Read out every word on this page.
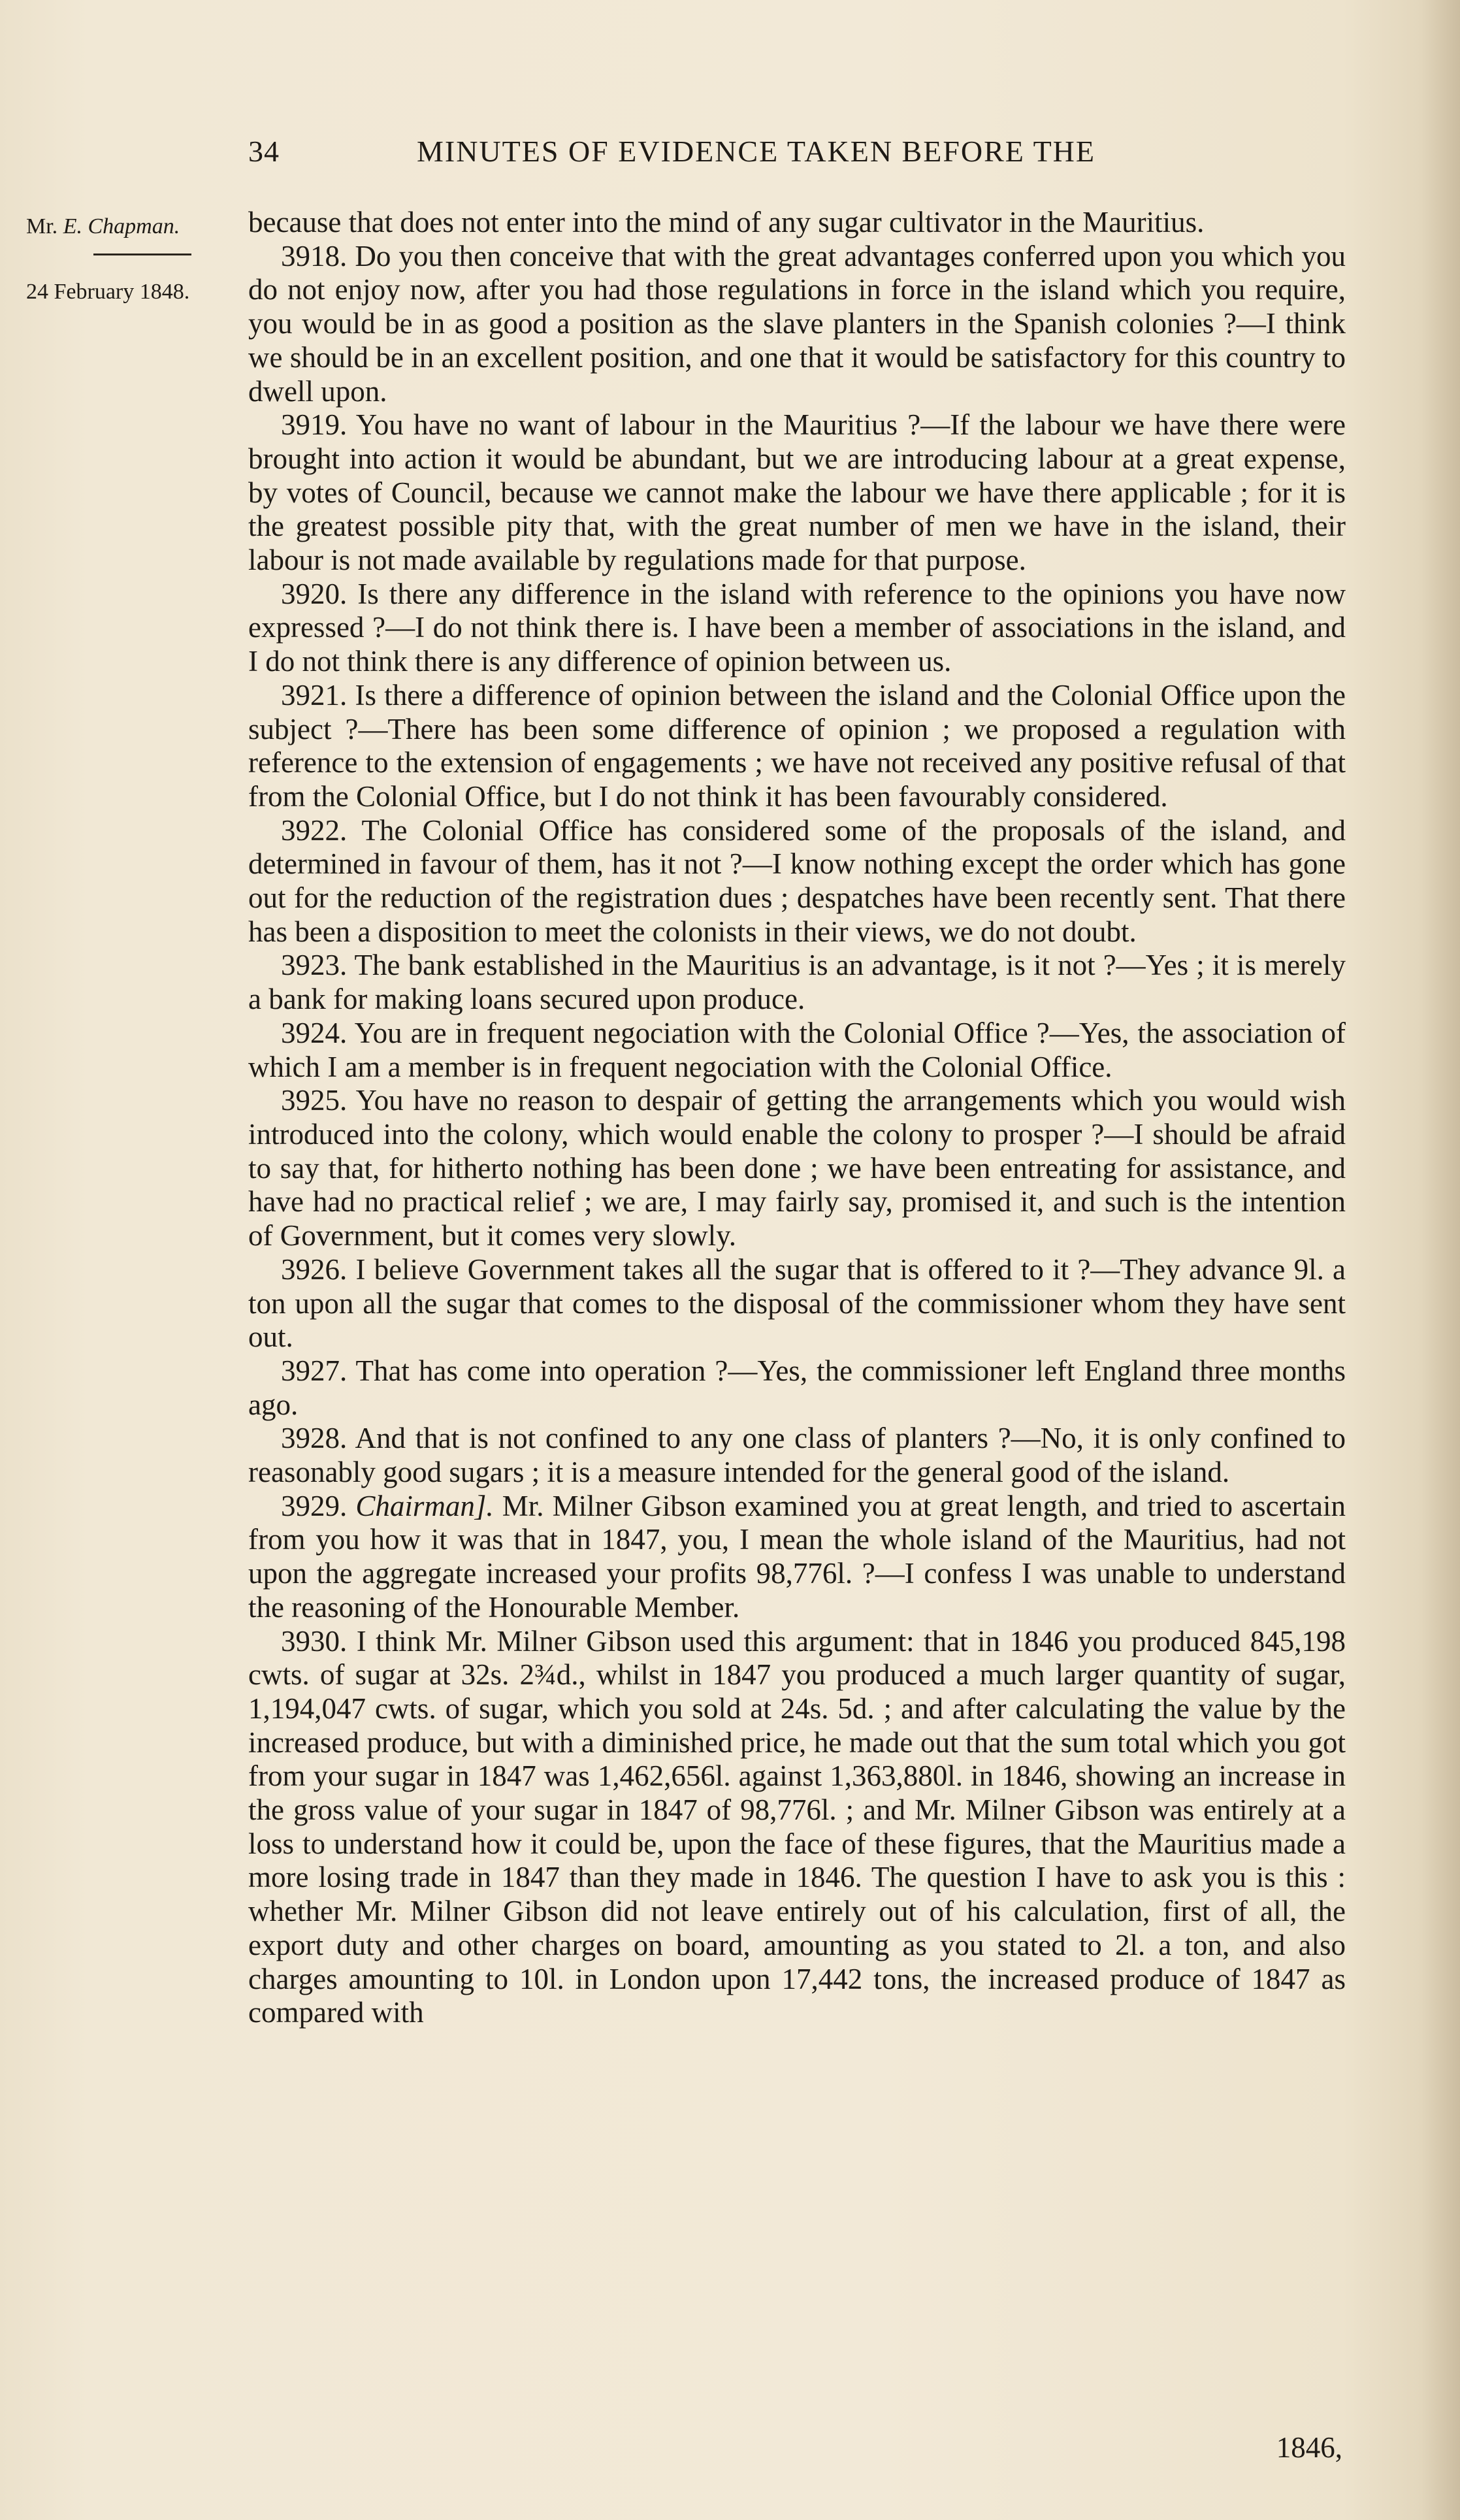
34	MINUTES OF EVIDENCE TAKEN BEFORE THE
Mr. E. Chapman.
24 February 1848.

because that does not enter into the mind of any sugar cultivator in the Mauritius.

3918. Do you then conceive that with the great advantages conferred upon you which you do not enjoy now, after you had those regulations in force in the island which you require, you would be in as good a position as the slave planters in the Spanish colonies ?—I think we should be in an excellent position, and one that it would be satisfactory for this country to dwell upon.

3919. You have no want of labour in the Mauritius ?—If the labour we have there were brought into action it would be abundant, but we are introducing labour at a great expense, by votes of Council, because we cannot make the labour we have there applicable ; for it is the greatest possible pity that, with the great number of men we have in the island, their labour is not made available by regulations made for that purpose.

3920. Is there any difference in the island with reference to the opinions you have now expressed ?—I do not think there is. I have been a member of associations in the island, and I do not think there is any difference of opinion between us.

3921. Is there a difference of opinion between the island and the Colonial Office upon the subject ?—There has been some difference of opinion ; we proposed a regulation with reference to the extension of engagements ; we have not received any positive refusal of that from the Colonial Office, but I do not think it has been favourably considered.

3922. The Colonial Office has considered some of the proposals of the island, and determined in favour of them, has it not ?—I know nothing except the order which has gone out for the reduction of the registration dues ; despatches have been recently sent. That there has been a disposition to meet the colonists in their views, we do not doubt.

3923. The bank established in the Mauritius is an advantage, is it not ?—Yes ; it is merely a bank for making loans secured upon produce.

3924. You are in frequent negociation with the Colonial Office ?—Yes, the association of which I am a member is in frequent negociation with the Colonial Office.

3925. You have no reason to despair of getting the arrangements which you would wish introduced into the colony, which would enable the colony to prosper ?—I should be afraid to say that, for hitherto nothing has been done ; we have been entreating for assistance, and have had no practical relief ; we are, I may fairly say, promised it, and such is the intention of Government, but it comes very slowly.

3926. I believe Government takes all the sugar that is offered to it ?—They advance 9l. a ton upon all the sugar that comes to the disposal of the commissioner whom they have sent out.

3927. That has come into operation ?—Yes, the commissioner left England three months ago.

3928. And that is not confined to any one class of planters ?—No, it is only confined to reasonably good sugars ; it is a measure intended for the general good of the island.

3929. Chairman]. Mr. Milner Gibson examined you at great length, and tried to ascertain from you how it was that in 1847, you, I mean the whole island of the Mauritius, had not upon the aggregate increased your profits 98,776l. ?—I confess I was unable to understand the reasoning of the Honourable Member.

3930. I think Mr. Milner Gibson used this argument: that in 1846 you produced 845,198 cwts. of sugar at 32s. 2¾d., whilst in 1847 you produced a much larger quantity of sugar, 1,194,047 cwts. of sugar, which you sold at 24s. 5d. ; and after calculating the value by the increased produce, but with a diminished price, he made out that the sum total which you got from your sugar in 1847 was 1,462,656l. against 1,363,880l. in 1846, showing an increase in the gross value of your sugar in 1847 of 98,776l. ; and Mr. Milner Gibson was entirely at a loss to understand how it could be, upon the face of these figures, that the Mauritius made a more losing trade in 1847 than they made in 1846. The question I have to ask you is this : whether Mr. Milner Gibson did not leave entirely out of his calculation, first of all, the export duty and other charges on board, amounting as you stated to 2l. a ton, and also charges amounting to 10l. in London upon 17,442 tons, the increased produce of 1847 as compared with

1846,
